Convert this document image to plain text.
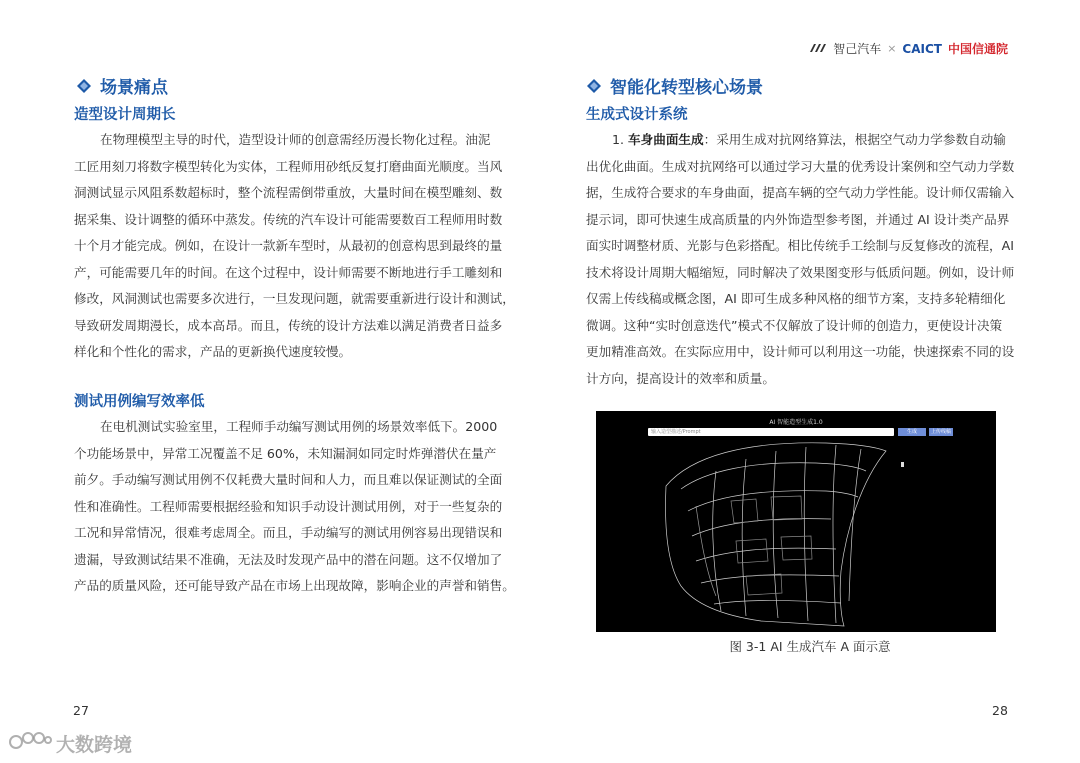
场景痛点
造型设计周期长

在物理模型主导的时代，造型设计师的创意需经历漫长物化过程。油泥
工匠用刻刀将数字模型转化为实体，工程师用砂纸反复打磨曲面光顺度。当风
洞测试显示风阻系数超标时，整个流程需倒带重放，大量时间在模型雕刻、数
据采集、设计调整的循环中蒸发。传统的汽车设计可能需要数百工程师用时数
十个月才能完成。例如，在设计一款新车型时，从最初的创意构思到最终的量
产，可能需要几年的时间。在这个过程中，设计师需要不断地进行手工雕刻和
修改，风洞测试也需要多次进行，一旦发现问题，就需要重新进行设计和测试，
导致研发周期漫长，成本高昂。而且，传统的设计方法难以满足消费者日益多
样化和个性化的需求，产品的更新换代速度较慢。

测试用例编写效率低

在电机测试实验室里，工程师手动编写测试用例的场景效率低下。2000
个功能场景中，异常工况覆盖不足 60%，未知漏洞如同定时炸弹潜伏在量产
前夕。手动编写测试用例不仅耗费大量时间和人力，而且难以保证测试的全面
性和准确性。工程师需要根据经验和知识手动设计测试用例，对于一些复杂的
工况和异常情况，很难考虑周全。而且，手动编写的测试用例容易出现错误和
遗漏，导致测试结果不准确，无法及时发现产品中的潜在问题。这不仅增加了
产品的质量风险，还可能导致产品在市场上出现故障，影响企业的声誉和销售。

27
智己汽车 × CAICT 中国信通院
智能化转型核心场景
生成式设计系统

1. 车身曲面生成：采用生成对抗网络算法，根据空气动力学参数自动输
出优化曲面。生成对抗网络可以通过学习大量的优秀设计案例和空气动力学数
据，生成符合要求的车身曲面，提高车辆的空气动力学性能。设计师仅需输入
提示词，即可快速生成高质量的内外饰造型参考图，并通过 AI 设计类产品界
面实时调整材质、光影与色彩搭配。相比传统手工绘制与反复修改的流程，AI
技术将设计周期大幅缩短，同时解决了效果图变形与低质问题。例如，设计师
仅需上传线稿或概念图，AI 即可生成多种风格的细节方案，支持多轮精细化
微调。这种“实时创意迭代”模式不仅解放了设计师的创造力，更使设计决策
更加精准高效。在实际应用中，设计师可以利用这一功能，快速探索不同的设
计方向，提高设计的效率和质量。

AI 智能造型生成1.0
输入造型描述/Prompt	生成	上传线稿
图 3-1 AI 生成汽车 A 面示意
28
大数跨境
